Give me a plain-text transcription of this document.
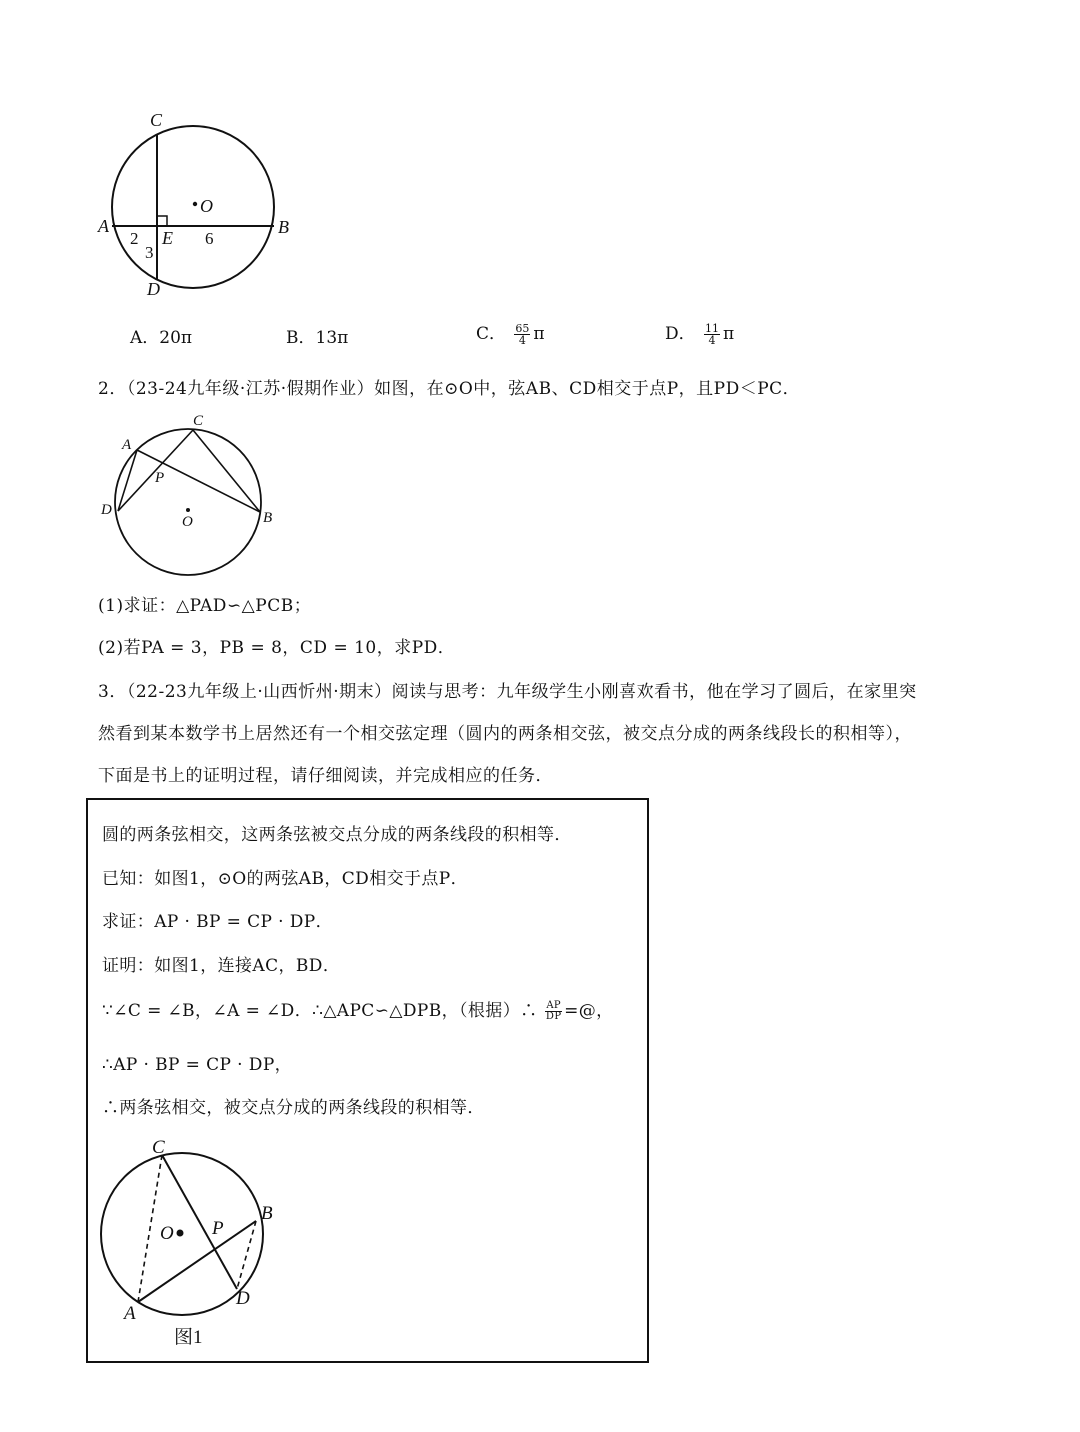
C
O
A
E
B
D
2
3
6
A．20π	B．13π	C． $\frac{65}{4}$ π	D． $\frac{11}{4}$ π
2．（23-24九年级·江苏·假期作业）如图，在⊙O中，弦AB、CD相交于点P，且PD＜PC．
C
A
P
D
O	B
(1)求证：△PAD∽△PCB；
(2)若PA = 3，PB = 8，CD = 10，求PD．
3．（22-23九年级上·山西忻州·期末）阅读与思考：九年级学生小刚喜欢看书，他在学习了圆后，在家里突
然看到某本数学书上居然还有一个相交弦定理（圆内的两条相交弦，被交点分成的两条线段长的积相等），
下面是书上的证明过程，请仔细阅读，并完成相应的任务．
圆的两条弦相交，这两条弦被交点分成的两条线段的积相等．
已知：如图1，⊙O的两弦AB，CD相交于点P．
求证：AP · BP = CP · DP．
证明：如图1，连接AC，BD．
∵∠C = ∠B，∠A = ∠D．∴△APC∽△DPB，（根据）∴ $\frac{AP}{DP}$ =@，
∴AP · BP = CP · DP，
∴两条弦相交，被交点分成的两条线段的积相等．
C
B
O P
A
D
图1
